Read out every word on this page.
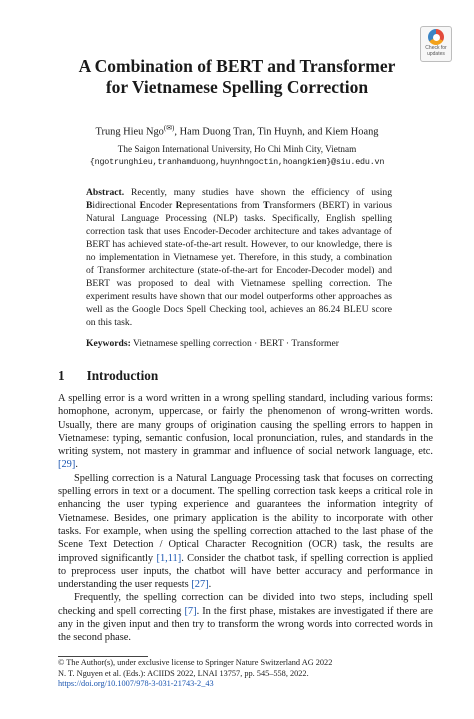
Check for
updates
A Combination of BERT and Transformer
for Vietnamese Spelling Correction
Trung Hieu Ngo(✉), Ham Duong Tran, Tin Huynh, and Kiem Hoang
The Saigon International University, Ho Chi Minh City, Vietnam
{ngotrunghieu,tranhamduong,huynhngoctin,hoangkiem}@siu.edu.vn
Abstract. Recently, many studies have shown the efficiency of using Bidirectional Encoder Representations from Transformers (BERT) in various Natural Language Processing (NLP) tasks. Specifically, English spelling correction task that uses Encoder-Decoder architecture and takes advantage of BERT has achieved state-of-the-art result. However, to our knowledge, there is no implementation in Vietnamese yet. Therefore, in this study, a combination of Transformer architecture (state-of-the-art for Encoder-Decoder model) and BERT was proposed to deal with Vietnamese spelling correction. The experiment results have shown that our model outperforms other approaches as well as the Google Docs Spell Checking tool, achieves an 86.24 BLEU score on this task.
Keywords: Vietnamese spelling correction · BERT · Transformer
1 Introduction

A spelling error is a word written in a wrong spelling standard, including various forms: homophone, acronym, uppercase, or fairly the phenomenon of wrong-written words. Usually, there are many groups of origination causing the spelling errors to happen in Vietnamese: typing, semantic confusion, local pronunciation, rules, and standards in the writing system, not mastery in grammar and influence of social network language, etc. [29].

Spelling correction is a Natural Language Processing task that focuses on correcting spelling errors in text or a document. The spelling correction task keeps a critical role in enhancing the user typing experience and guarantees the information integrity of Vietnamese. Besides, one primary application is the ability to incorporate with other tasks. For example, when using the spelling correction attached to the last phase of the Scene Text Detection / Optical Character Recognition (OCR) task, the results are improved significantly [1,11]. Consider the chatbot task, if spelling correction is applied to preprocess user inputs, the chatbot will have better accuracy and performance in understanding the user requests [27].

Frequently, the spelling correction can be divided into two steps, including spell checking and spell correcting [7]. In the first phase, mistakes are investigated if there are any in the given input and then try to transform the wrong words into corrected words in the second phase.

© The Author(s), under exclusive license to Springer Nature Switzerland AG 2022
N. T. Nguyen et al. (Eds.): ACIIDS 2022, LNAI 13757, pp. 545–558, 2022.
https://doi.org/10.1007/978-3-031-21743-2_43
